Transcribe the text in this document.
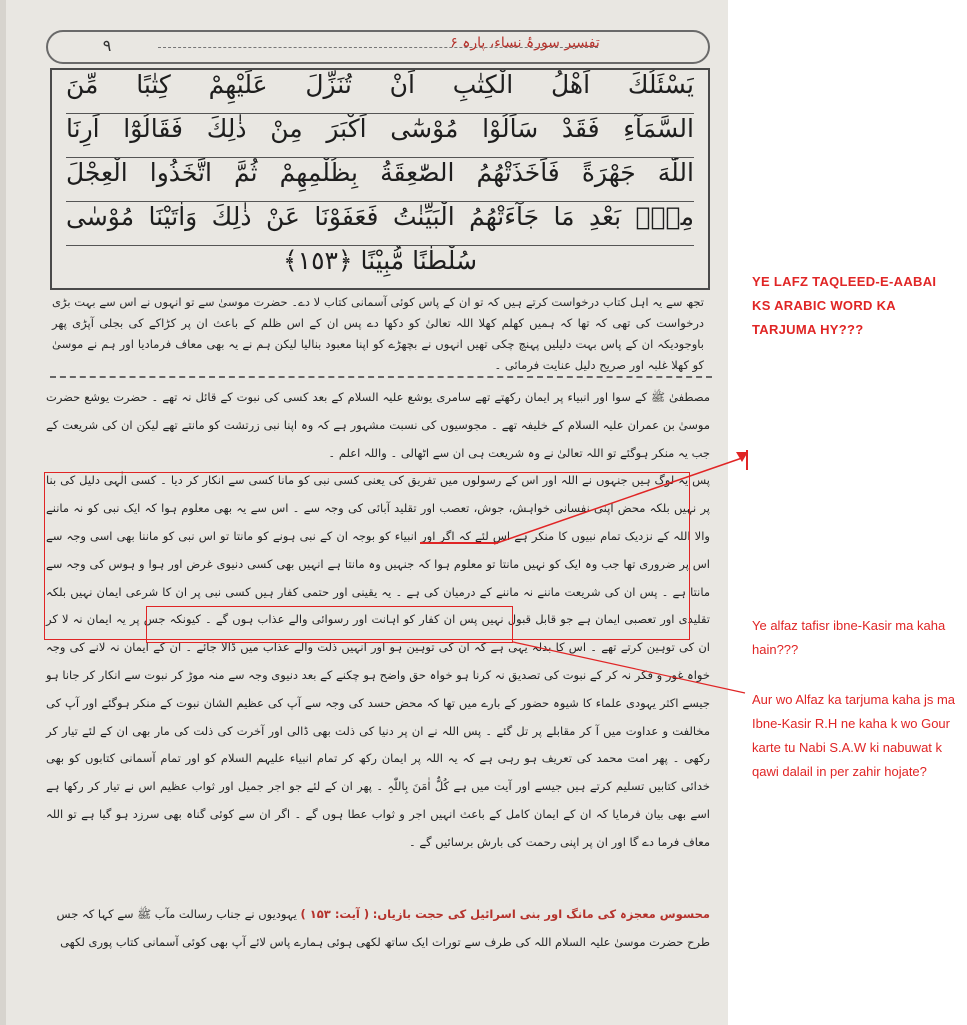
۹	تفسیر سورۂ نساء، پارہ ۶
يَسْئَلُكَ اَهْلُ الْكِتٰبِ اَنْ تُنَزِّلَ عَلَيْهِمْ كِتٰبًا مِّنَ
السَّمَآءِ فَقَدْ سَاَلُوْا مُوْسٰٓى اَكْبَرَ مِنْ ذٰلِكَ فَقَالُوْٓا اَرِنَا
اللّٰهَ جَهْرَةً فَاَخَذَتْهُمُ الصّٰعِقَةُ بِظُلْمِهِمْ ثُمَّ اتَّخَذُوا الْعِجْلَ
مِنْۢ بَعْدِ مَا جَآءَتْهُمُ الْبَيِّنٰتُ فَعَفَوْنَا عَنْ ذٰلِكَ وَاٰتَيْنَا مُوْسٰى
سُلْطٰنًا مُّبِيْنًا ﴿١٥٣﴾
تجھ سے یہ اہل کتاب درخواست کرتے ہیں کہ تو ان کے پاس کوئی آسمانی کتاب لا دے۔ حضرت موسیٰ سے تو انہوں نے اس سے بہت بڑی درخواست کی تھی کہ تھا کہ ہمیں کھلم کھلا اللہ تعالیٰ کو دکھا دے پس ان کے اس ظلم کے باعث ان پر کڑاکے کی بجلی آپڑی پھر باوجودیکہ ان کے پاس بہت دلیلیں پہنچ چکی تھیں انہوں نے بچھڑے کو اپنا معبود بنالیا لیکن ہم نے یہ بھی معاف فرمادیا اور ہم نے موسیٰ کو کھلا غلبہ اور صریح دلیل عنایت فرمائی ۔

مصطفیٰ ﷺ کے سوا اور انبیاء پر ایمان رکھتے تھے سامری یوشع علیہ السلام کے بعد کسی کی نبوت کے قائل نہ تھے ۔ حضرت یوشع حضرت موسیٰ بن عمران علیہ السلام کے خلیفہ تھے ۔ مجوسیوں کی نسبت مشہور ہے کہ وہ اپنا نبی زرتشت کو مانتے تھے لیکن ان کی شریعت کے جب یہ منکر ہوگئے تو اللہ تعالیٰ نے وہ شریعت ہی ان سے اٹھالی ۔ واللہ اعلم ۔

پس یہ لوگ ہیں جنہوں نے اللہ اور اس کے رسولوں میں تفریق کی یعنی کسی نبی کو مانا کسی سے انکار کر دیا ۔ کسی الٰہی دلیل کی بنا پر نہیں بلکہ محض اپنی نفسانی خواہش، جوش، تعصب اور تقلید آبائی کی وجہ سے ۔ اس سے یہ بھی معلوم ہوا کہ ایک نبی کو نہ ماننے والا اللہ کے نزدیک تمام نبیوں کا منکر ہے اس لئے کہ اگر اور انبیاء کو بوجہ ان کے نبی ہونے کو مانتا تو اس نبی کو ماننا بھی اسی وجہ سے اس پر ضروری تھا جب وہ ایک کو نہیں مانتا تو معلوم ہوا کہ جنہیں وہ مانتا ہے انہیں بھی کسی دنیوی غرض اور ہوا و ہوس کی وجہ سے مانتا ہے ۔ پس ان کی شریعت ماننے نہ ماننے کے درمیان کی ہے ۔ یہ یقینی اور حتمی کفار ہیں کسی نبی پر ان کا شرعی ایمان نہیں بلکہ تقلیدی اور تعصبی ایمان ہے جو قابل قبول نہیں پس ان کفار کو اہانت اور رسوائی والے عذاب ہوں گے ۔ کیونکہ جس پر یہ ایمان نہ لا کر ان کی توہین کرتے تھے ۔ اس کا بدلہ یہی ہے کہ ان کی توہین ہو اور انہیں ذلت والے عذاب میں ڈالا جائے ۔ ان کے ایمان نہ لانے کی وجہ خواہ غور و فکر نہ کر کے نبوت کی تصدیق نہ کرنا ہو خواہ حق واضح ہو چکنے کے بعد دنیوی وجہ سے منہ موڑ کر نبوت سے انکار کر جانا ہو جیسے اکثر یہودی علماء کا شیوہ حضور کے بارے میں تھا کہ محض حسد کی وجہ سے آپ کی عظیم الشان نبوت کے منکر ہوگئے اور آپ کی مخالفت و عداوت میں آ کر مقابلے پر تل گئے ۔ پس اللہ نے ان پر دنیا کی ذلت بھی ڈالی اور آخرت کی ذلت کی مار بھی ان کے لئے تیار کر رکھی ۔ پھر امت محمد کی تعریف ہو رہی ہے کہ یہ اللہ پر ایمان رکھ کر تمام انبیاء علیہم السلام کو اور تمام آسمانی کتابوں کو بھی خدائی کتابیں تسلیم کرتے ہیں جیسے اور آیت میں ہے کُلٌّ اٰمَنَ بِاللّٰہِ ۔ پھر ان کے لئے جو اجر جمیل اور ثواب عظیم اس نے تیار کر رکھا ہے اسے بھی بیان فرمایا کہ ان کے ایمان کامل کے باعث انہیں اجر و ثواب عطا ہوں گے ۔ اگر ان سے کوئی گناہ بھی سرزد ہو گیا ہے تو اللہ معاف فرما دے گا اور ان پر اپنی رحمت کی بارش برسائیں گے ۔

محسوس معجزہ کی مانگ اور بنی اسرائیل کی حجت بازیاں: ( آیت: ۱۵۳ ) یہودیوں نے جناب رسالت مآب ﷺ سے کہا کہ جس طرح حضرت موسیٰ علیہ السلام اللہ کی طرف سے تورات ایک ساتھ لکھی ہوئی ہمارے پاس لائے آپ بھی کوئی آسمانی کتاب پوری لکھی
YE LAFZ TAQLEED-E-AABAI KS ARABIC WORD KA TARJUMA HY???
Ye alfaz tafisr ibne-Kasir ma kaha hain???
Aur wo Alfaz ka tarjuma kaha js ma Ibne-Kasir R.H ne kaha k wo Gour karte tu Nabi S.A.W ki nabuwat k qawi dalail in per zahir hojate?
